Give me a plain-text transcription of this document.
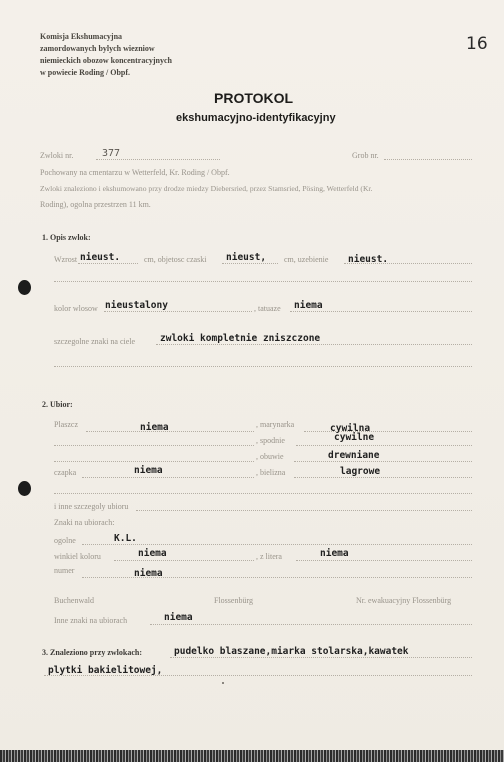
Komisja Ekshumacyjna
zamordowanych bylych wiezniow
niemieckich obozow koncentracyjnych
w powiecie Roding / Obpf.
16
PROTOKOL
ekshumacyjno-identyfikacyjny
Zwloki nr.	377	Grob nr.
Pochowany na cmentarzu w Wetterfeld, Kr. Roding / Obpf.
Zwloki znaleziono i ekshumowano przy drodze miedzy Diebersried, przez Stamsried, Pösing, Wetterfeld (Kr.
Roding), ogolna przestrzen 11 km.
1. Opis zwlok:
Wzrost nieust.	cm, objetosc czaski nieust, cm, uzebienie nieust.
kolor wlosow nieustalony	, tatuaze niema
szczegolne znaki na ciele	zwloki kompletnie zniszczone
2. Ubior:
Plaszcz	niema	, marynarka	cywilna
, spodnie	cywilne
, obuwie	drewniane
czapka	niema	, bielizna	lagrowe
i inne szczegoly ubioru
Znaki na ubiorach:
ogolne	K.L.
winkiel koloru	niema	, z litera	niema
numer	niema
Buchenwald	Flossenbürg	Nr. ewakuacyjny Flossenbürg
Inne znaki na ubiorach	niema
3. Znaleziono przy zwlokach:	pudelko blaszane,miarka stolarska,kawatek
plytki bakielitowej,
